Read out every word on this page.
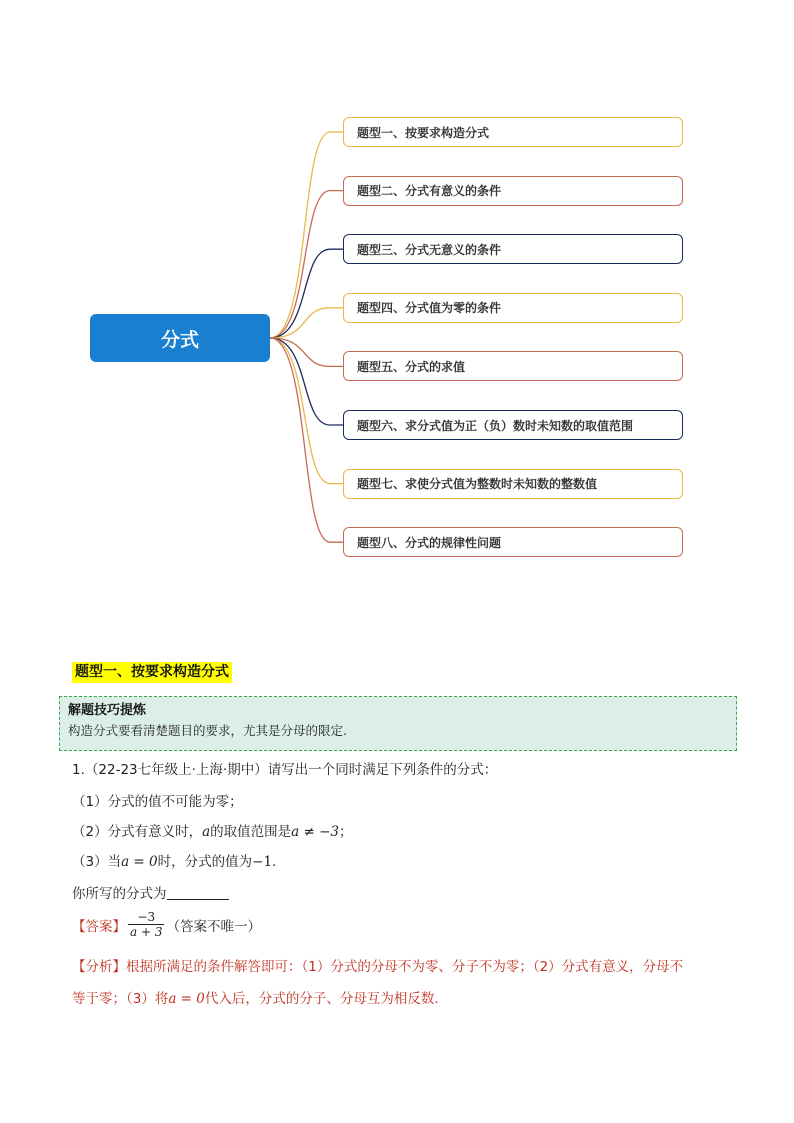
分式
题型一、按要求构造分式
题型二、分式有意义的条件
题型三、分式无意义的条件
题型四、分式值为零的条件
题型五、分式的求值
题型六、求分式值为正（负）数时未知数的取值范围
题型七、求使分式值为整数时未知数的整数值
题型八、分式的规律性问题
题型一、按要求构造分式
解题技巧提炼
构造分式要看清楚题目的要求，尤其是分母的限定.
1.（22-23七年级上·上海·期中）请写出一个同时满足下列条件的分式：
（1）分式的值不可能为零；
（2）分式有意义时，a的取值范围是a ≠ −3；
（3）当a = 0时，分式的值为−1.
你所写的分式为
【答案】 $\frac{-3}{a + 3}$ （答案不唯一）
【分析】根据所满足的条件解答即可：（1）分式的分母不为零、分子不为零；（2）分式有意义，分母不
等于零；（3）将a = 0代入后，分式的分子、分母互为相反数.
